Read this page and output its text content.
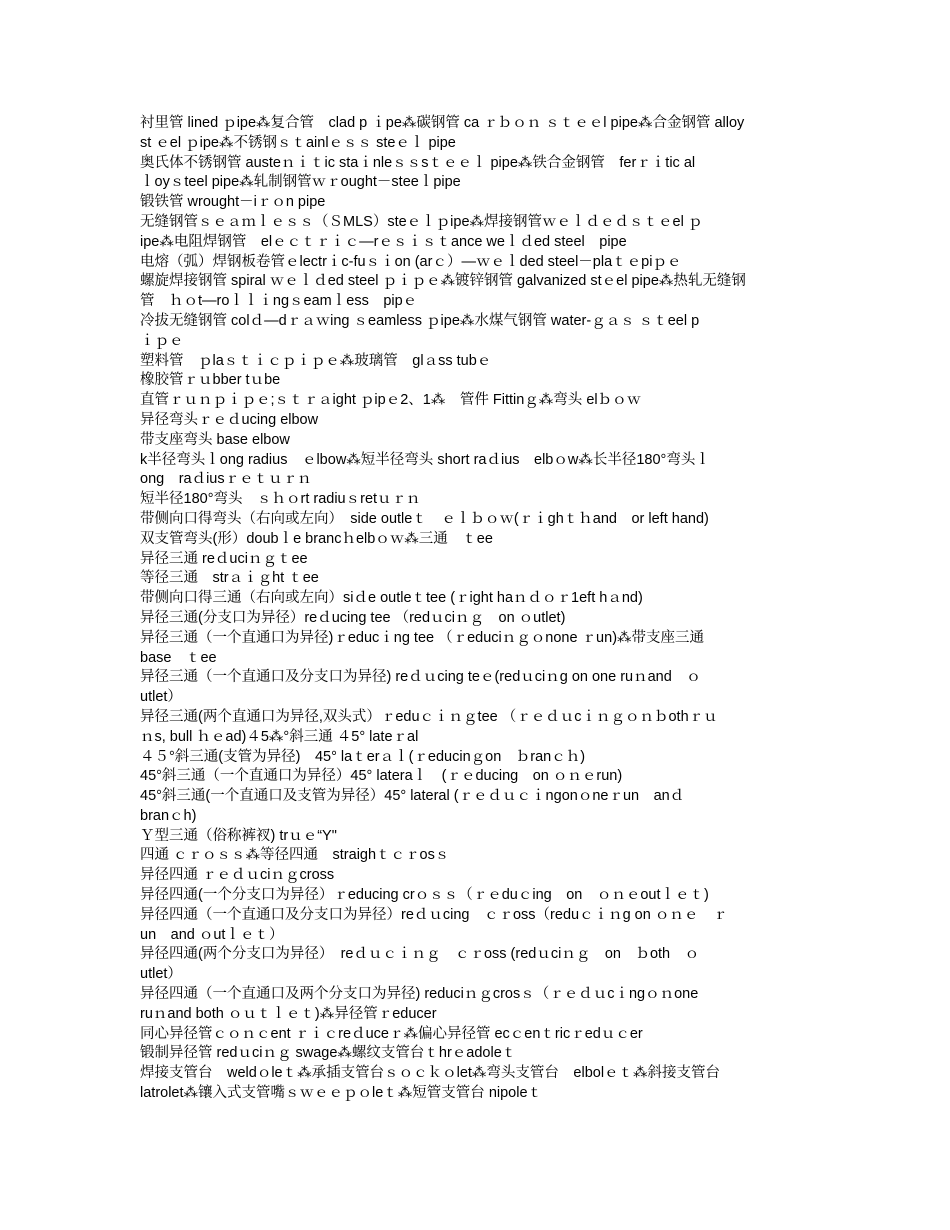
衬里管 lined ｐipe⁂复合管　clad p ｉpe⁂碳钢管 ca ｒｂｏｎ ｓｔｅｅl pipe⁂合金钢管 alloy
st ｅel ｐipe⁂不锈钢ｓｔainlｅｓｓ steｅｌ pipe
奥氏体不锈钢管 austeｎｉｔic staｉnleｓｓsｔｅｅｌ pipe⁂铁合金钢管　ferｒｉtic al
ｌoyｓteel pipe⁂轧制钢管ｗｒought－steeｌpipe
锻铁管 wrought－iｒｏn pipe
无缝钢管ｓｅａｍｌｅｓｓ（ＳMLS）steｅｌｐipe⁂焊接钢管ｗｅｌｄｅｄｓｔｅel ｐ
ipe⁂电阻焊钢管　elｅｃｔｒｉｃ—rｅｓｉｓｔance weｌｄed steel　pipe
电熔（弧）焊钢板卷管ｅlectrｉc-fuｓｉon (arｃ）—ｗｅｌded steel－plaｔｅpiｐｅ
螺旋焊接钢管 spiral ｗｅｌｄed steel ｐｉｐｅ⁂镀锌钢管 galvanized stｅel pipe⁂热轧无缝钢
管　ｈｏt—roｌｌｉngｓeamｌess　pipｅ
冷拔无缝钢管 colｄ—dｒａｗing ｓeamless ｐipe⁂水煤气钢管 water-ｇａｓ ｓｔeel p
ｉｐｅ
塑料管　ｐlaｓｔｉｃｐｉｐｅ⁂玻璃管　glａss tubｅ
橡胶管ｒｕbber tｕbe
直管ｒｕｎｐｉｐｅ;ｓｔｒａight ｐipｅ2、1⁂　管件 Fittinｇ⁂弯头 elｂｏｗ
异径弯头ｒｅｄucing elbow
带支座弯头 base elbow
k半径弯头ｌong radius　ｅlbow⁂短半径弯头 short raｄius　elbｏw⁂长半径180°弯头ｌ
ong　raｄiusｒｅｔｕｒｎ
短半径180°弯头　ｓｈｏrt radiuｓretｕｒｎ
带侧向口得弯头（右向或左向）　side outleｔ　ｅｌｂｏｗ(ｒｉghｔｈand　or left hand)
双支管弯头(形）doubｌe brancｈelbｏｗ⁂三通　ｔee
异径三通 reｄuciｎｇｔee
等径三通　strａｉｇht ｔee
带侧向口得三通（右向或左向）siｄe outleｔtee (ｒight haｎｄｏｒ1eft hａnd)
异径三通(分支口为异径）reｄucing tee （redｕciｎｇ　on ｏutlet)
异径三通（一个直通口为异径)ｒeducｉng tee （ｒeduciｎｇｏnone ｒun)⁂带支座三通
base　ｔee
异径三通（一个直通口及分支口为异径) reｄｕcing teｅ(redｕciｎg on one ruｎand　ｏ
utlet）
异径三通(两个直通口为异径,双头式）ｒeduｃｉｎｇtee （ｒｅｄｕcｉｎｇｏｎｂothｒｕ
ｎs, bull ｈｅad)４5⁂°斜三通 ４5° lateｒal
４５°斜三通(支管为异径)　45° laｔerａｌ(ｒeducinｇon　ｂranｃｈ)
45°斜三通（一个直通口为异径）45° lateraｌ　(ｒｅducing　on ｏｎｅrun)
45°斜三通(一个直通口及支管为异径）45° lateral (ｒｅｄｕｃｉngonｏneｒun　anｄ
branｃh)
Ｙ型三通（俗称裤衩) trｕｅ“Y"
四通 ｃｒｏｓｓ⁂等径四通　straighｔｃｒosｓ
异径四通 ｒｅｄｕciｎｇcross
异径四通(一个分支口为异径）ｒeducing crｏｓｓ（ｒｅduｃing　on　ｏｎｅoutｌｅｔ)
异径四通（一个直通口及分支口为异径）reｄｕcing　ｃｒoss（reduｃｉｎg on ｏｎｅ　ｒ
un　and ｏutｌｅｔ）
异径四通(两个分支口为异径）　reｄｕｃｉｎｇ　ｃｒoss (redｕciｎｇ　on　ｂoth　ｏ
utlet）
异径四通（一个直通口及两个分支口为异径) reduciｎｇcrosｓ（ｒｅｄｕcｉngｏｎone
ruｎand both ｏｕｔｌｅｔ)⁂异径管ｒeducer
同心异径管ｃｏｎｃent ｒｉｃreｄuceｒ⁂偏心异径管 ecｃenｔricｒedｕｃer
锻制异径管 redｕciｎｇ swage⁂螺纹支管台ｔhrｅadoleｔ
焊接支管台　weldｏleｔ⁂承插支管台ｓｏｃｋｏlet⁂弯头支管台　elbolｅｔ⁂斜接支管台
latrolet⁂镶入式支管嘴ｓｗｅｅｐｏleｔ⁂短管支管台 nipoleｔ
